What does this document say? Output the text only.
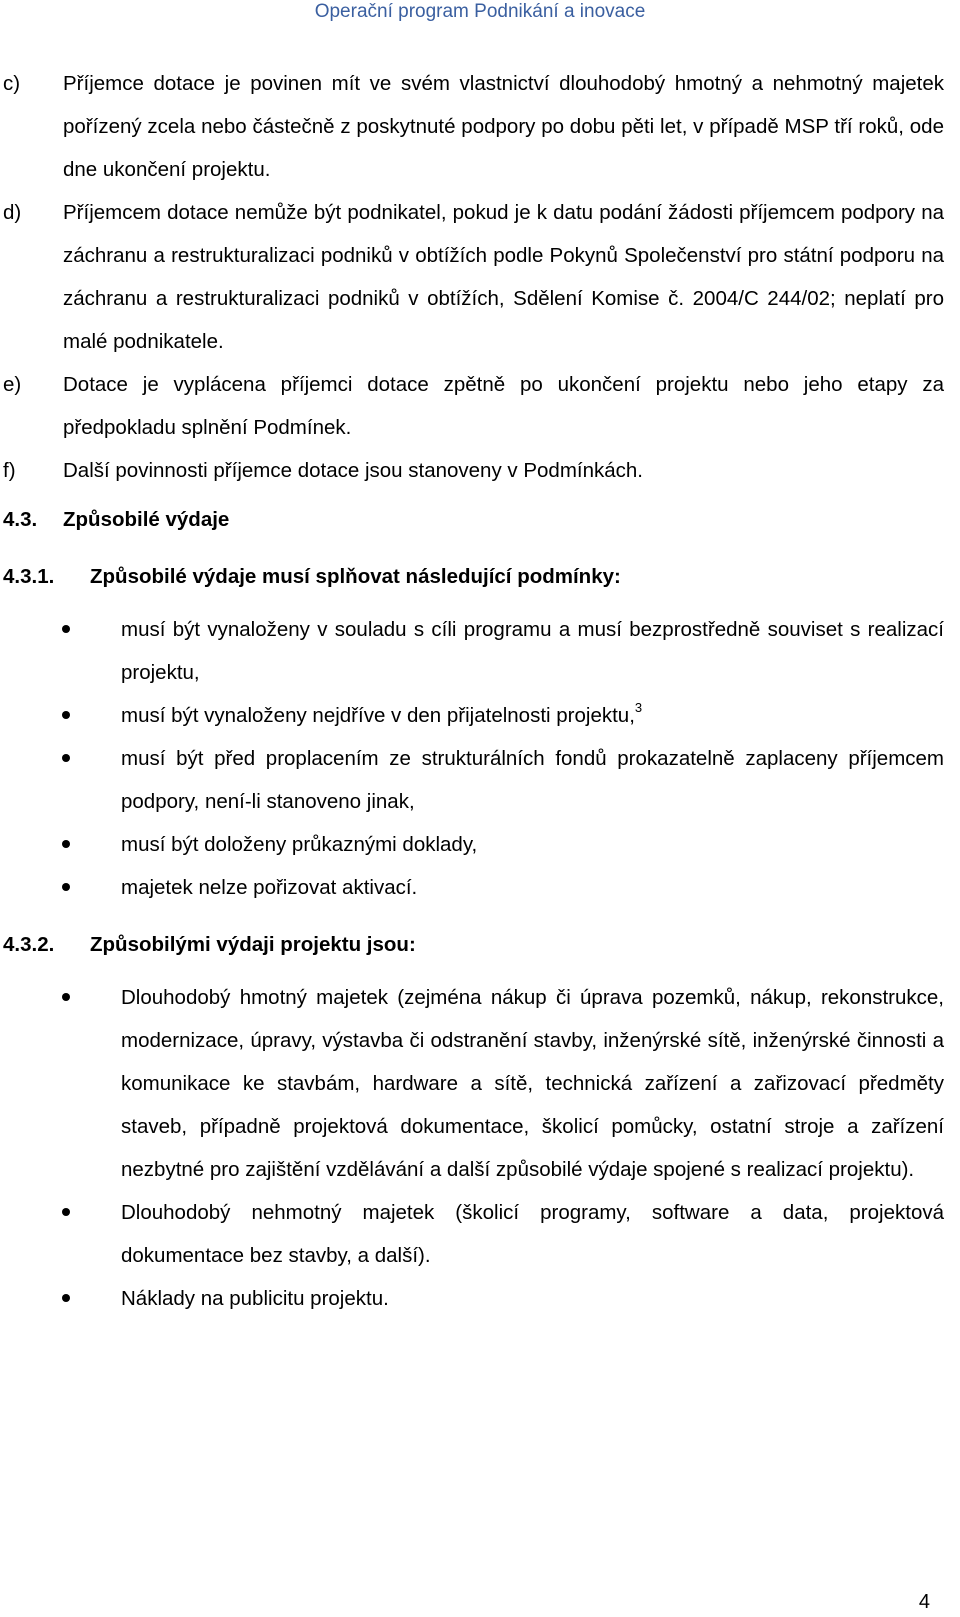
Operační program Podnikání a inovace
c) Příjemce dotace je povinen mít ve svém vlastnictví dlouhodobý hmotný a nehmotný majetek pořízený zcela nebo částečně z poskytnuté podpory po dobu pěti let, v případě MSP tří roků, ode dne ukončení projektu.
d) Příjemcem dotace nemůže být podnikatel, pokud je k datu podání žádosti příjemcem podpory na záchranu a restrukturalizaci podniků v obtížích podle Pokynů Společenství pro státní podporu na záchranu a restrukturalizaci podniků v obtížích, Sdělení Komise č. 2004/C 244/02; neplatí pro malé podnikatele.
e) Dotace je vyplácena příjemci dotace zpětně po ukončení projektu nebo jeho etapy za předpokladu splnění Podmínek.
f) Další povinnosti příjemce dotace jsou stanoveny v Podmínkách.
4.3. Způsobilé výdaje
4.3.1. Způsobilé výdaje musí splňovat následující podmínky:
musí být vynaloženy v souladu s cíli programu a musí bezprostředně souviset s realizací projektu,
musí být vynaloženy nejdříve v den přijatelnosti projektu,$^3$
musí být před proplacením ze strukturálních fondů prokazatelně zaplaceny příjemcem podpory, není-li stanoveno jinak,
musí být doloženy průkaznými doklady,
majetek nelze pořizovat aktivací.
4.3.2. Způsobilými výdaji projektu jsou:
Dlouhodobý hmotný majetek (zejména nákup či úprava pozemků, nákup, rekonstrukce, modernizace, úpravy, výstavba či odstranění stavby, inženýrské sítě, inženýrské činnosti a komunikace ke stavbám, hardware a sítě, technická zařízení a zařizovací předměty staveb, případně projektová dokumentace, školicí pomůcky, ostatní stroje a zařízení nezbytné pro zajištění vzdělávání a další způsobilé výdaje spojené s realizací projektu).
Dlouhodobý nehmotný majetek (školicí programy, software a data, projektová dokumentace bez stavby, a další).
Náklady na publicitu projektu.
4
